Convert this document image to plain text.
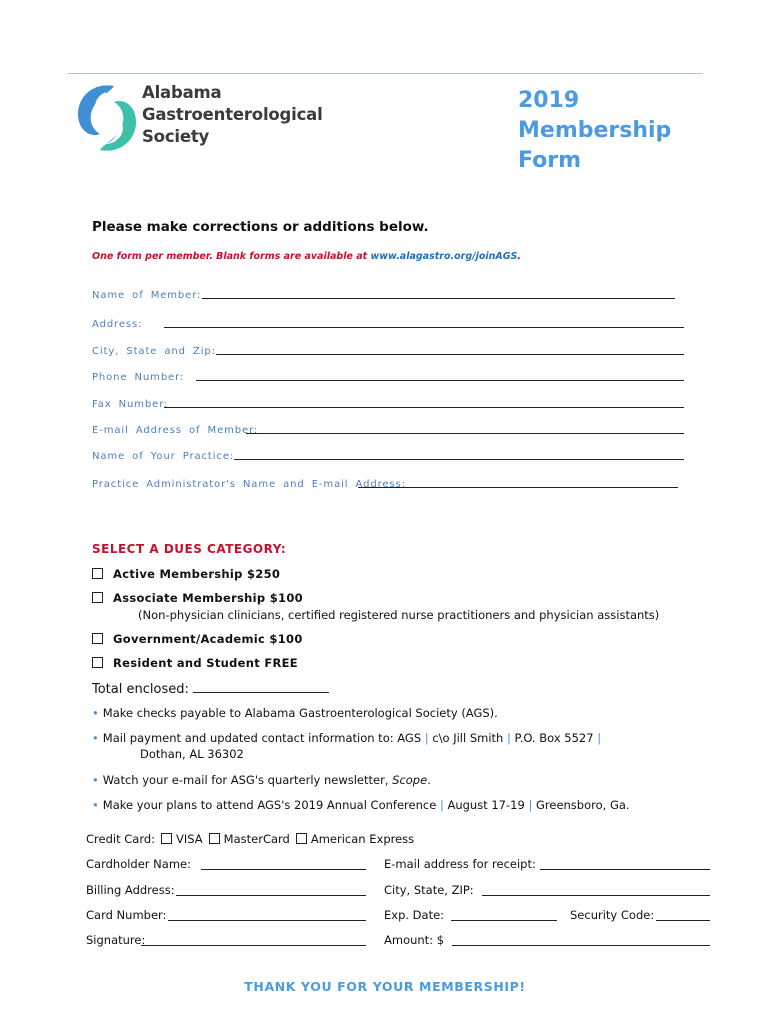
Alabama
Gastroenterological
Society
2019
Membership
Form
Please make corrections or additions below.
One form per member. Blank forms are available at www.alagastro.org/joinAGS.
Name of Member:
Address:
City, State and Zip:
Phone Number:
Fax Number:
E-mail Address of Member:
Name of Your Practice:
Practice Administrator's Name and E-mail Address:
SELECT A DUES CATEGORY:
Active Membership $250
Associate Membership $100
(Non-physician clinicians, certified registered nurse practitioners and physician assistants)
Government/Academic $100
Resident and Student FREE
Total enclosed:
• Make checks payable to Alabama Gastroenterological Society (AGS).
• Mail payment and updated contact information to: AGS | c\o Jill Smith | P.O. Box 5527 |
Dothan, AL 36302
• Watch your e-mail for ASG's quarterly newsletter, Scope.
• Make your plans to attend AGS's 2019 Annual Conference | August 17-19 | Greensboro, Ga.
Credit Card: VISA MasterCard American Express
Cardholder Name:	E-mail address for receipt:
Billing Address:	City, State, ZIP:
Card Number:	Exp. Date:	Security Code:
Signature:	Amount: $
THANK YOU FOR YOUR MEMBERSHIP!
